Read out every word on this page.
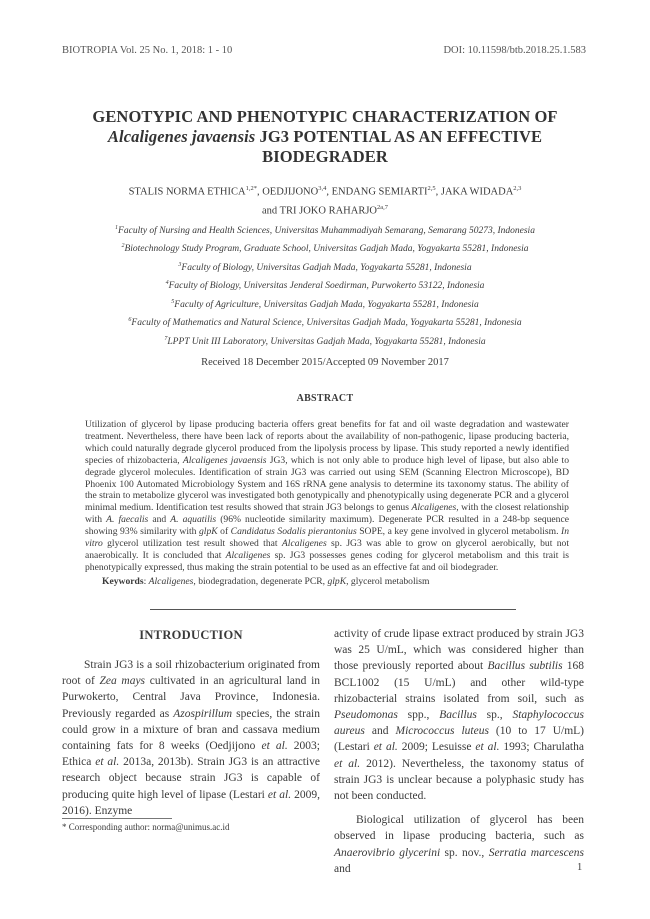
BIOTROPIA Vol. 25 No. 1, 2018: 1 - 10	DOI: 10.11598/btb.2018.25.1.583
GENOTYPIC AND PHENOTYPIC CHARACTERIZATION OF
Alcaligenes javaensis JG3 POTENTIAL AS AN EFFECTIVE
BIODEGRADER
STALIS NORMA $ETHICA^{1,2*}$, OEDJIJONO$^{3,4}$, ENDANG SEMIARTI$^{2,5}$, JAKA WIDADA$^{2,3}$
and TRI JOKO $RAHARJO^{2a,7}$
$^1$Faculty of Nursing and Health Sciences, Universitas Muhammadiyah Semarang, Semarang 50273, Indonesia
$^2$Biotechnology Study Program, Graduate School, Universitas Gadjah Mada, Yogyakarta 55281, Indonesia
$^3$Faculty of Biology, Universitas Gadjah Mada, Yogyakarta 55281, Indonesia
$^4$Faculty of Biology, Universitas Jenderal Soedirman, Purwokerto 53122, Indonesia
$^5$Faculty of Agriculture, Universitas Gadjah Mada, Yogyakarta 55281, Indonesia
$^6$Faculty of Mathematics and Natural Science, Universitas Gadjah Mada, Yogyakarta 55281, Indonesia
$^7$LPPT Unit III Laboratory, Universitas Gadjah Mada, Yogyakarta 55281, Indonesia
Received 18 December 2015/Accepted 09 November 2017
ABSTRACT
Utilization of glycerol by lipase producing bacteria offers great benefits for fat and oil waste degradation and wastewater treatment. Nevertheless, there have been lack of reports about the availability of non-pathogenic, lipase producing bacteria, which could naturally degrade glycerol produced from the lipolysis process by lipase. This study reported a newly identified species of rhizobacteria, Alcaligenes javaensis JG3, which is not only able to produce high level of lipase, but also able to degrade glycerol molecules. Identification of strain JG3 was carried out using SEM (Scanning Electron Microscope), BD Phoenix 100 Automated Microbiology System and 16S rRNA gene analysis to determine its taxonomy status. The ability of the strain to metabolize glycerol was investigated both genotypically and phenotypically using degenerate PCR and a glycerol minimal medium. Identification test results showed that strain JG3 belongs to genus Alcaligenes, with the closest relationship with A. faecalis and A. aquatilis (96% nucleotide similarity maximum). Degenerate PCR resulted in a 248-bp sequence showing 93% similarity with glpK of Candidatus Sodalis pierantonius SOPE, a key gene involved in glycerol metabolism. In vitro glycerol utilization test result showed that Alcaligenes sp. JG3 was able to grow on glycerol aerobically, but not anaerobically. It is concluded that Alcaligenes sp. JG3 possesses genes coding for glycerol metabolism and this trait is phenotypically expressed, thus making the strain potential to be used as an effective fat and oil biodegrader.
Keywords: Alcaligenes, biodegradation, degenerate PCR, glpK, glycerol metabolism
INTRODUCTION

Strain JG3 is a soil rhizobacterium originated from root of Zea mays cultivated in an agricultural land in Purwokerto, Central Java Province, Indonesia. Previously regarded as Azospirillum species, the strain could grow in a mixture of bran and cassava medium containing fats for 8 weeks (Oedjijono et al. 2003; Ethica et al. 2013a, 2013b). Strain JG3 is an attractive research object because strain JG3 is capable of producing quite high level of lipase (Lestari et al. 2009, 2016). Enzyme

activity of crude lipase extract produced by strain JG3 was 25 U/mL, which was considered higher than those previously reported about Bacillus subtilis 168 BCL1002 (15 U/mL) and other wild-type rhizobacterial strains isolated from soil, such as Pseudomonas spp., Bacillus sp., Staphylococcus aureus and Micrococcus luteus (10 to 17 U/mL) (Lestari et al. 2009; Lesuisse et al. 1993; Charulatha et al. 2012). Nevertheless, the taxonomy status of strain JG3 is unclear because a polyphasic study has not been conducted.

Biological utilization of glycerol has been observed in lipase producing bacteria, such as Anaerovibrio glycerini sp. nov., Serratia marcescens and

* Corresponding author: norma@unimus.ac.id
1
